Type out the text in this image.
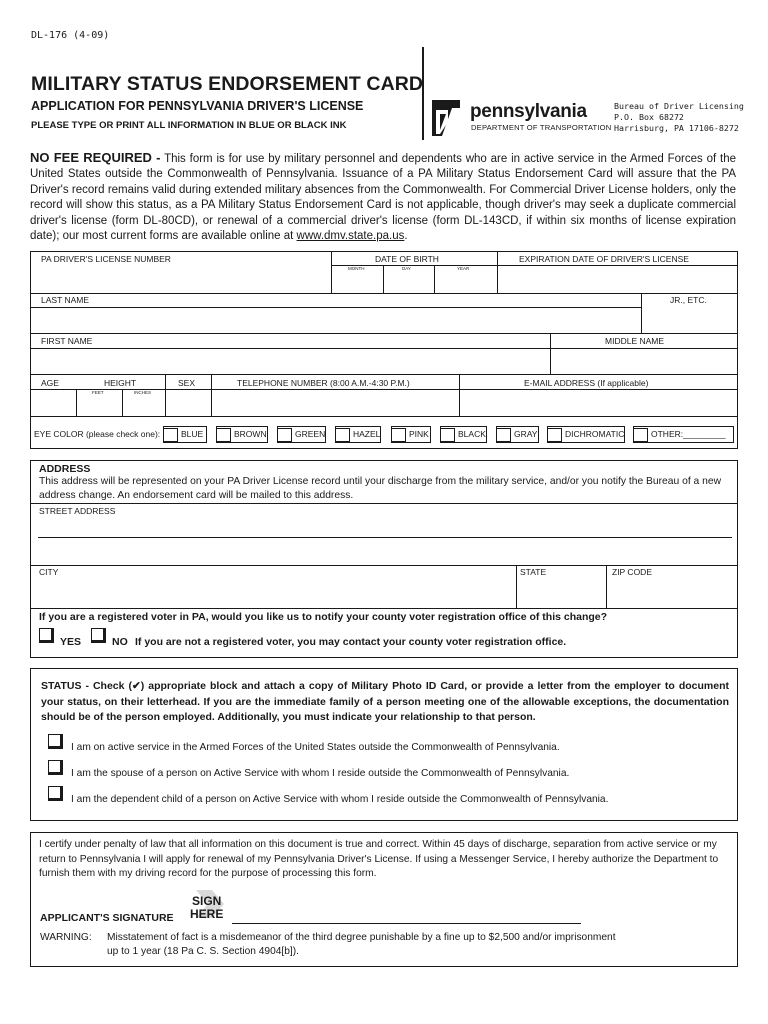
DL-176 (4-09)
MILITARY STATUS ENDORSEMENT CARD
APPLICATION FOR PENNSYLVANIA DRIVER'S LICENSE
PLEASE TYPE OR PRINT ALL INFORMATION IN BLUE OR BLACK INK
pennsylvania
DEPARTMENT OF TRANSPORTATION
Bureau of Driver Licensing
P.O. Box 68272
Harrisburg, PA 17106-8272
NO FEE REQUIRED - This form is for use by military personnel and dependents who are in active service in the Armed Forces of the United States outside the Commonwealth of Pennsylvania. Issuance of a PA Military Status Endorsement Card will assure that the PA Driver's record remains valid during extended military absences from the Commonwealth. For Commercial Driver License holders, only the record will show this status, as a PA Military Status Endorsement Card is not applicable, though driver's may seek a duplicate commercial driver's license (form DL-80CD), or renewal of a commercial driver's license (form DL-143CD, if within six months of license expiration date); our most current forms are available online at www.dmv.state.pa.us.
PA DRIVER'S LICENSE NUMBER	DATE OF BIRTH
MONTH	DAY	YEAR
EXPIRATION DATE OF DRIVER'S LICENSE
LAST NAME	JR., ETC.
FIRST NAME	MIDDLE NAME
AGE	HEIGHT	SEX	TELEPHONE NUMBER (8:00 A.M.-4:30 P.M.)	E-MAIL ADDRESS (If applicable)
FEET	INCHES
EYE COLOR (please check one):	BLUE	BROWN	GREEN	HAZEL	PINK	BLACK	GRAY	DICHROMATIC	OTHER:_________
ADDRESS
This address will be represented on your PA Driver License record until your discharge from the military service, and/or you notify the Bureau of a new address change. An endorsement card will be mailed to this address.
STREET ADDRESS
CITY	STATE	ZIP CODE
If you are a registered voter in PA, would you like us to notify your county voter registration office of this change?
YES	NO If you are not a registered voter, you may contact your county voter registration office.
STATUS - Check (✔) appropriate block and attach a copy of Military Photo ID Card, or provide a letter from the employer to document your status, on their letterhead. If you are the immediate family of a person meeting one of the allowable exceptions, the documentation should be of the person employed. Additionally, you must indicate your relationship to that person.
I am on active service in the Armed Forces of the United States outside the Commonwealth of Pennsylvania.
I am the spouse of a person on Active Service with whom I reside outside the Commonwealth of Pennsylvania.
I am the dependent child of a person on Active Service with whom I reside outside the Commonwealth of Pennsylvania.
I certify under penalty of law that all information on this document is true and correct. Within 45 days of discharge, separation from active service or my return to Pennsylvania I will apply for renewal of my Pennsylvania Driver's License. If using a Messenger Service, I hereby authorize the Department to furnish them with my driving record for the purpose of processing this form.
APPLICANT'S SIGNATURE
SIGN
HERE
WARNING: Misstatement of fact is a misdemeanor of the third degree punishable by a fine up to $2,500 and/or imprisonment
up to 1 year (18 Pa C. S. Section 4904[b]).
